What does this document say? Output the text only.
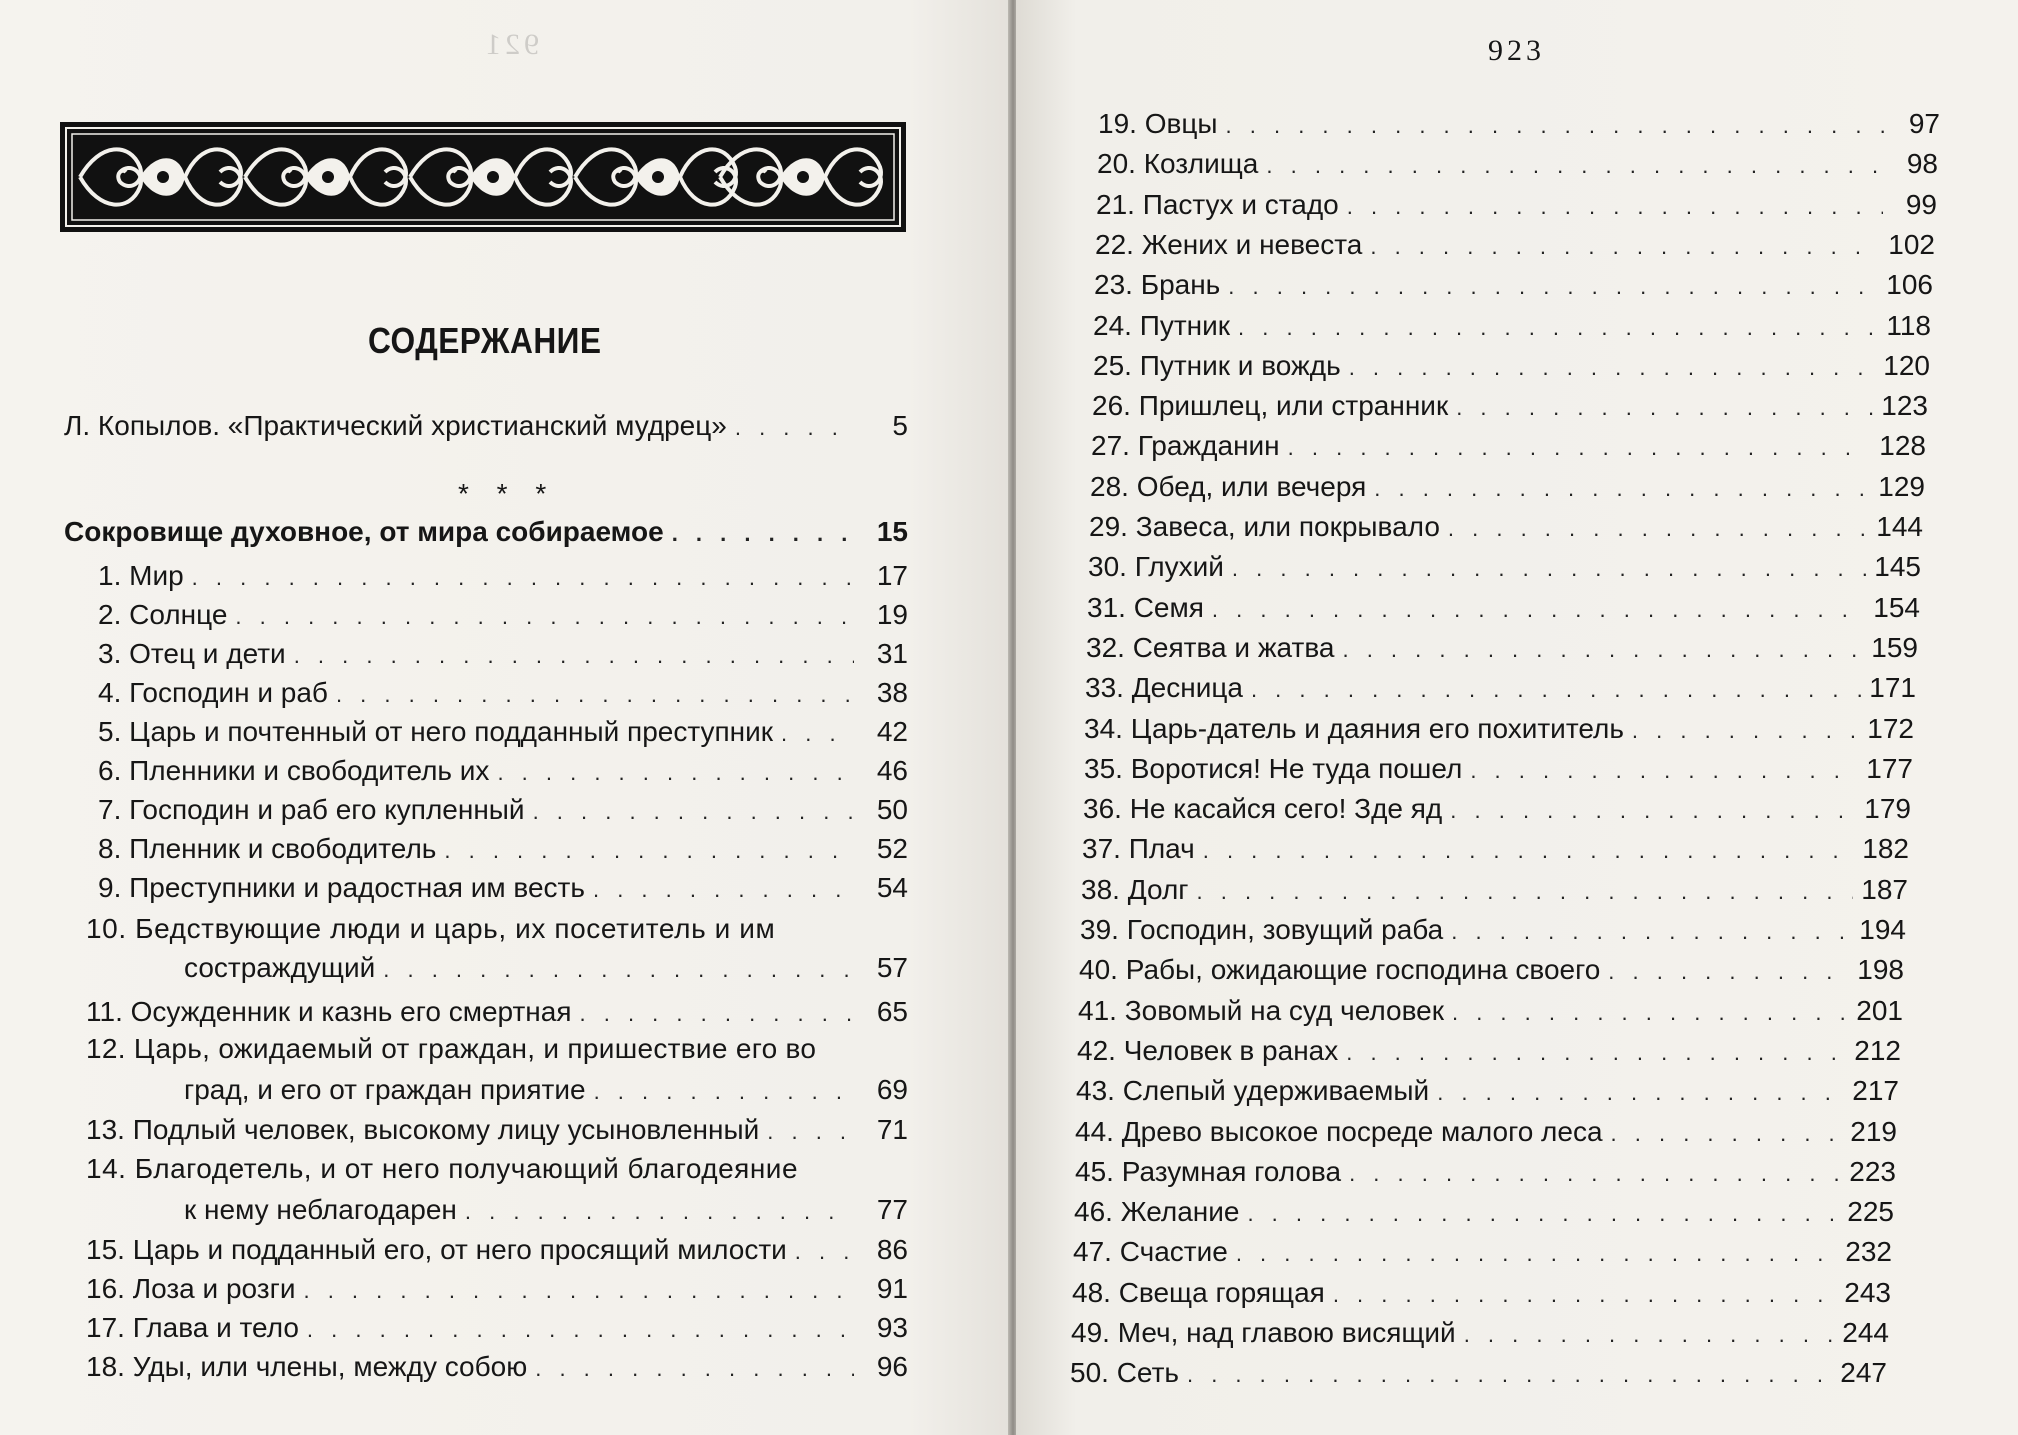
921
СОДЕРЖАНИЕ
Л. Копылов. «Практический христианский мудрец» . . .	5
* * *
Сокровище духовное, от мира собираемое . . .	15
1. Мир . . .	17
2. Солнце . . .	19
3. Отец и дети . . .	31
4. Господин и раб . . .	38
5. Царь и почтенный от него подданный преступник . . .	42
6. Пленники и свободитель их . . .	46
7. Господин и раб его купленный . . .	50
8. Пленник и свободитель . . .	52
9. Преступники и радостная им весть . . .	54
10. Бедствующие люди и царь, их посетитель и им
сострaждущий . . .	57
11. Осужденник и казнь его смертная . . .	65
12. Царь, ожидаемый от граждан, и пришествие его во
град, и его от граждан приятие . . .	69
13. Подлый человек, высокому лицу усыновленный . . .	71
14. Благодетель, и от него получающий благодеяние
к нему неблагодарен . . .	77
15. Царь и подданный его, от него просящий милости . . .	86
16. Лоза и розги . . .	91
17. Глава и тело . . .	93
18. Уды, или члены, между собою . . .	96
923
19. Овцы . . .	97
20. Козлища . . .	98
21. Пастух и стадо . . .	99
22. Жених и невеста . . .	102
23. Брань . . .	106
24. Путник . . .	118
25. Путник и вождь . . .	120
26. Пришлец, или странник . . .	123
27. Гражданин . . .	128
28. Обед, или вечеря . . .	129
29. Завеса, или покрывало . . .	144
30. Глухий . . .	145
31. Семя . . .	154
32. Сеятва и жатва . . .	159
33. Десница . . .	171
34. Царь-датель и даяния его похититель . . .	172
35. Воротися! Не туда пошел . . .	177
36. Не касайся сего! Зде яд . . .	179
37. Плач . . .	182
38. Долг . . .	187
39. Господин, зовущий раба . . .	194
40. Рабы, ожидающие господина своего . . .	198
41. Зовомый на суд человек . . .	201
42. Человек в ранах . . .	212
43. Слепый удерживаемый . . .	217
44. Древо высокое посреде малого леса . . .	219
45. Разумная голова . . .	223
46. Желание . . .	225
47. Счастие . . .	232
48. Свеща горящая . . .	243
49. Меч, над главою висящий . . .	244
50. Сеть . . .	247
